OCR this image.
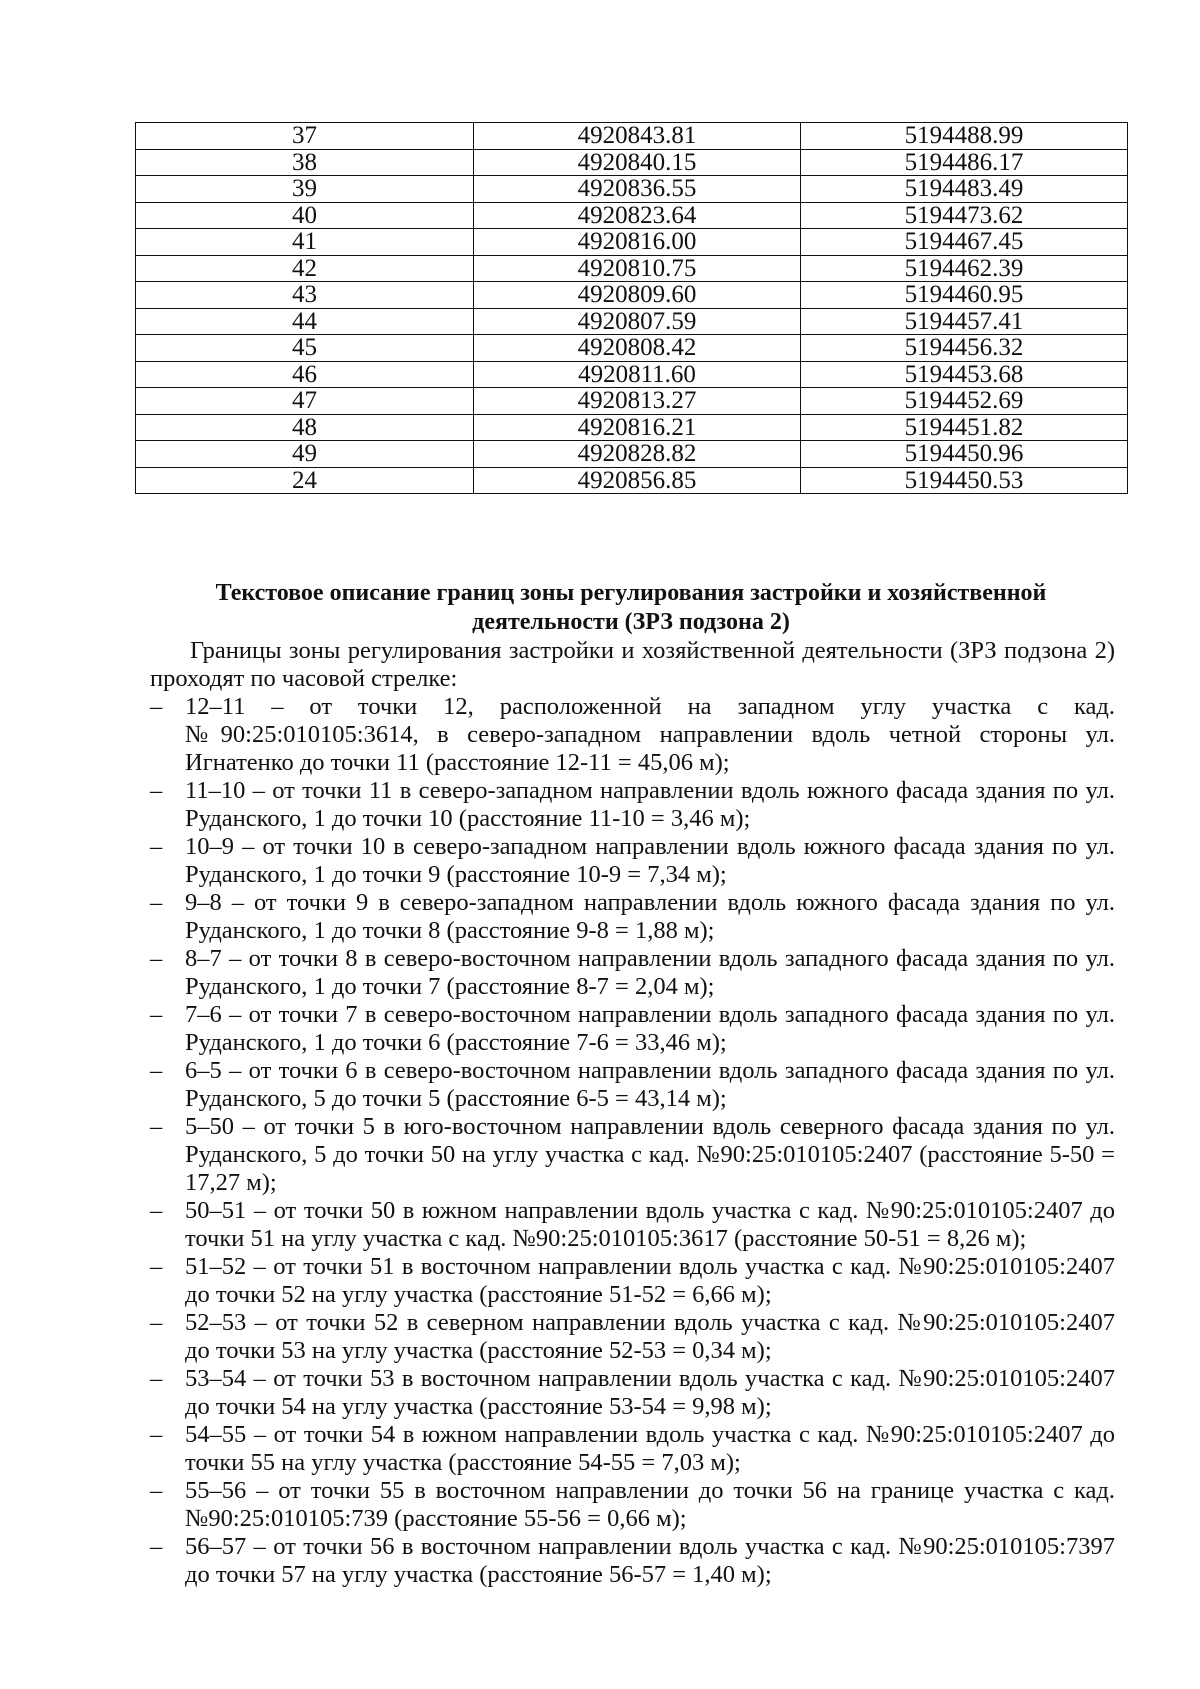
37	4920843.81	5194488.99
38	4920840.15	5194486.17
39	4920836.55	5194483.49
40	4920823.64	5194473.62
41	4920816.00	5194467.45
42	4920810.75	5194462.39
43	4920809.60	5194460.95
44	4920807.59	5194457.41
45	4920808.42	5194456.32
46	4920811.60	5194453.68
47	4920813.27	5194452.69
48	4920816.21	5194451.82
49	4920828.82	5194450.96
24	4920856.85	5194450.53
Текстовое описание границ зоны регулирования застройки и хозяйственной
деятельности (ЗРЗ подзона 2)
Границы зоны регулирования застройки и хозяйственной деятельности (ЗРЗ подзона 2) проходят по часовой стрелке:
– 12–11 – от точки 12, расположенной на западном углу участка с кад. №90:25:010105:3614, в северо-западном направлении вдоль четной стороны ул. Игнатенко до точки 11 (расстояние 12-11 = 45,06 м);
– 11–10 – от точки 11 в северо-западном направлении вдоль южного фасада здания по ул. Руданского, 1 до точки 10 (расстояние 11-10 = 3,46 м);
– 10–9 – от точки 10 в северо-западном направлении вдоль южного фасада здания по ул. Руданского, 1 до точки 9 (расстояние 10-9 = 7,34 м);
– 9–8 – от точки 9 в северо-западном направлении вдоль южного фасада здания по ул. Руданского, 1 до точки 8 (расстояние 9-8 = 1,88 м);
– 8–7 – от точки 8 в северо-восточном направлении вдоль западного фасада здания по ул. Руданского, 1 до точки 7 (расстояние 8-7 = 2,04 м);
– 7–6 – от точки 7 в северо-восточном направлении вдоль западного фасада здания по ул. Руданского, 1 до точки 6 (расстояние 7-6 = 33,46 м);
– 6–5 – от точки 6 в северо-восточном направлении вдоль западного фасада здания по ул. Руданского, 5 до точки 5 (расстояние 6-5 = 43,14 м);
– 5–50 – от точки 5 в юго-восточном направлении вдоль северного фасада здания по ул. Руданского, 5 до точки 50 на углу участка с кад. №90:25:010105:2407 (расстояние 5-50 = 17,27 м);
– 50–51 – от точки 50 в южном направлении вдоль участка с кад. №90:25:010105:2407 до точки 51 на углу участка с кад. №90:25:010105:3617 (расстояние 50-51 = 8,26 м);
– 51–52 – от точки 51 в восточном направлении вдоль участка с кад. №90:25:010105:2407 до точки 52 на углу участка (расстояние 51-52 = 6,66 м);
– 52–53 – от точки 52 в северном направлении вдоль участка с кад. №90:25:010105:2407 до точки 53 на углу участка (расстояние 52-53 = 0,34 м);
– 53–54 – от точки 53 в восточном направлении вдоль участка с кад. №90:25:010105:2407 до точки 54 на углу участка (расстояние 53-54 = 9,98 м);
– 54–55 – от точки 54 в южном направлении вдоль участка с кад. №90:25:010105:2407 до точки 55 на углу участка (расстояние 54-55 = 7,03 м);
– 55–56 – от точки 55 в восточном направлении до точки 56 на границе участка с кад. №90:25:010105:739 (расстояние 55-56 = 0,66 м);
– 56–57 – от точки 56 в восточном направлении вдоль участка с кад. №90:25:010105:7397 до точки 57 на углу участка (расстояние 56-57 = 1,40 м);
